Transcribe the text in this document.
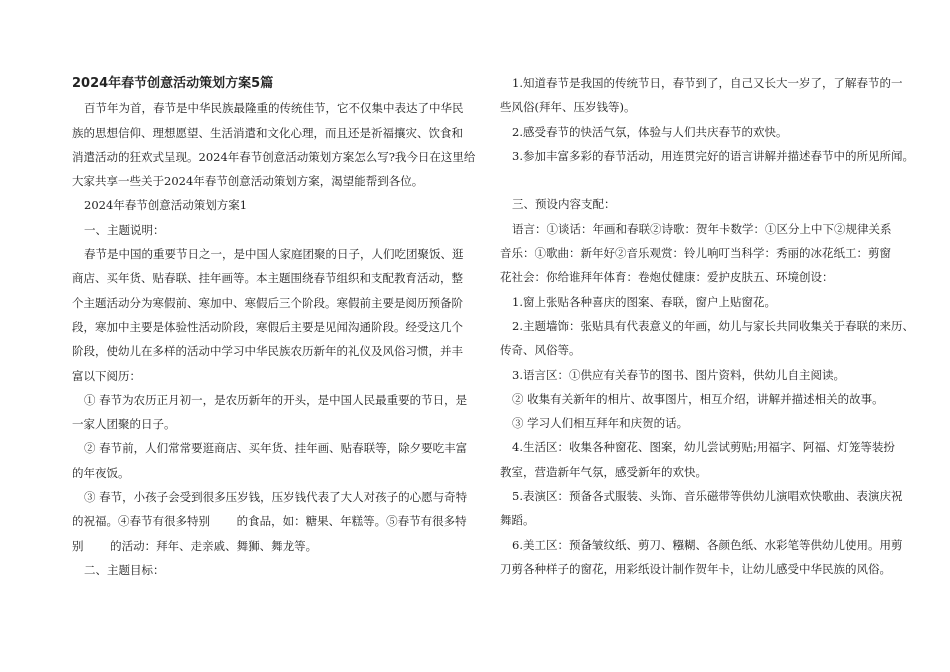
2024年春节创意活动策划方案5篇
百节年为首，春节是中华民族最隆重的传统佳节，它不仅集中表达了中华民
族的思想信仰、理想愿望、生活消遣和文化心理，而且还是祈福攘灾、饮食和
消遣活动的狂欢式呈现。2024年春节创意活动策划方案怎么写?我今日在这里给
大家共享一些关于2024年春节创意活动策划方案，渴望能帮到各位。
2024年春节创意活动策划方案1
一、主题说明：
春节是中国的重要节日之一，是中国人家庭团聚的日子，人们吃团聚饭、逛
商店、买年货、贴春联、挂年画等。本主题围绕春节组织和支配教育活动，整
个主题活动分为寒假前、寒加中、寒假后三个阶段。寒假前主要是阅历预备阶
段，寒加中主要是体验性活动阶段，寒假后主要是见闻沟通阶段。经受这几个
阶段，使幼儿在多样的活动中学习中华民族农历新年的礼仪及风俗习惯，并丰
富以下阅历：
① 春节为农历正月初一，是农历新年的开头，是中国人民最重要的节日，是
一家人团聚的日子。
② 春节前，人们常常要逛商店、买年货、挂年画、贴春联等，除夕要吃丰富
的年夜饭。
③ 春节，小孩子会受到很多压岁钱，压岁钱代表了大人对孩子的心愿与奇特
的祝福。④春节有很多特别　　 的食品，如：糖果、年糕等。⑤春节有很多特
别　　 的活动：拜年、走亲戚、舞狮、舞龙等。
二、主题目标：
1.知道春节是我国的传统节日，春节到了，自己又长大一岁了，了解春节的一
些风俗(拜年、压岁钱等)。
2.感受春节的快活气氛，体验与人们共庆春节的欢快。
3.参加丰富多彩的春节活动，用连贯完好的语言讲解并描述春节中的所见所闻。
三、预设内容支配：
语言：①谈话：年画和春联②诗歌：贺年卡数学：①区分上中下②规律关系
音乐：①歌曲：新年好②音乐观赏：铃儿响叮当科学：秀丽的冰花纸工：剪窗
花社会：你给谁拜年体育：卷炮仗健康：爱护皮肤五、环境创设：
1.窗上张贴各种喜庆的图案、春联，窗户上贴窗花。
2.主题墙饰：张贴具有代表意义的年画，幼儿与家长共同收集关于春联的来历、
传奇、风俗等。
3.语言区：①供应有关春节的图书、图片资料，供幼儿自主阅读。
② 收集有关新年的相片、故事图片，相互介绍，讲解并描述相关的故事。
③ 学习人们相互拜年和庆贺的话。
4.生活区：收集各种窗花、图案，幼儿尝试剪贴;用福字、阿福、灯笼等装扮
教室，营造新年气氛，感受新年的欢快。
5.表演区：预备各式服装、头饰、音乐磁带等供幼儿演唱欢快歌曲、表演庆祝
舞蹈。
6.美工区：预备皱纹纸、剪刀、糨糊、各颜色纸、水彩笔等供幼儿使用。用剪
刀剪各种样子的窗花，用彩纸设计制作贺年卡，让幼儿感受中华民族的风俗。
